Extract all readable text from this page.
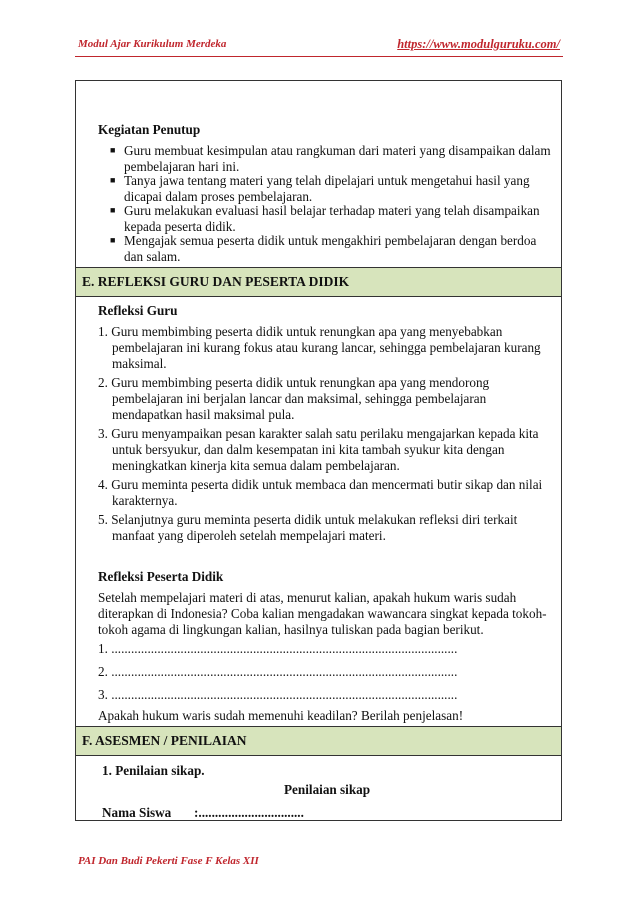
Modul Ajar Kurikulum Merdeka	https://www.modulguruku.com/
Kegiatan Penutup
■ Guru membuat kesimpulan atau rangkuman dari materi yang disampaikan dalam
pembelajaran hari ini.
■ Tanya jawa tentang materi yang telah dipelajari untuk mengetahui hasil yang
dicapai dalam proses pembelajaran.
■ Guru melakukan evaluasi hasil belajar terhadap materi yang telah disampaikan
kepada peserta didik.
■ Mengajak semua peserta didik untuk mengakhiri pembelajaran dengan berdoa
dan salam.
E. REFLEKSI GURU DAN PESERTA DIDIK
Refleksi Guru
1. Guru membimbing peserta didik untuk renungkan apa yang menyebabkan
pembelajaran ini kurang fokus atau kurang lancar, sehingga pembelajaran kurang
maksimal.
2. Guru membimbing peserta didik untuk renungkan apa yang mendorong
pembelajaran ini berjalan lancar dan maksimal, sehingga pembelajaran
mendapatkan hasil maksimal pula.
3. Guru menyampaikan pesan karakter salah satu perilaku mengajarkan kepada kita
untuk bersyukur, dan dalm kesempatan ini kita tambah syukur kita dengan
meningkatkan kinerja kita semua dalam pembelajaran.
4. Guru meminta peserta didik untuk membaca dan mencermati butir sikap dan nilai
karakternya.
5. Selanjutnya guru meminta peserta didik untuk melakukan refleksi diri terkait
manfaat yang diperoleh setelah mempelajari materi.
Refleksi Peserta Didik
Setelah mempelajari materi di atas, menurut kalian, apakah hukum waris sudah
diterapkan di Indonesia? Coba kalian mengadakan wawancara singkat kepada tokoh-
tokoh agama di lingkungan kalian, hasilnya tuliskan pada bagian berikut.
1. .........................................................................................................
2. .........................................................................................................
3. .........................................................................................................
Apakah hukum waris sudah memenuhi keadilan? Berilah penjelasan!
F. ASESMEN / PENILAIAN
1. Penilaian sikap.
Penilaian sikap
Nama Siswa :................................
PAI Dan Budi Pekerti Fase F Kelas XII
